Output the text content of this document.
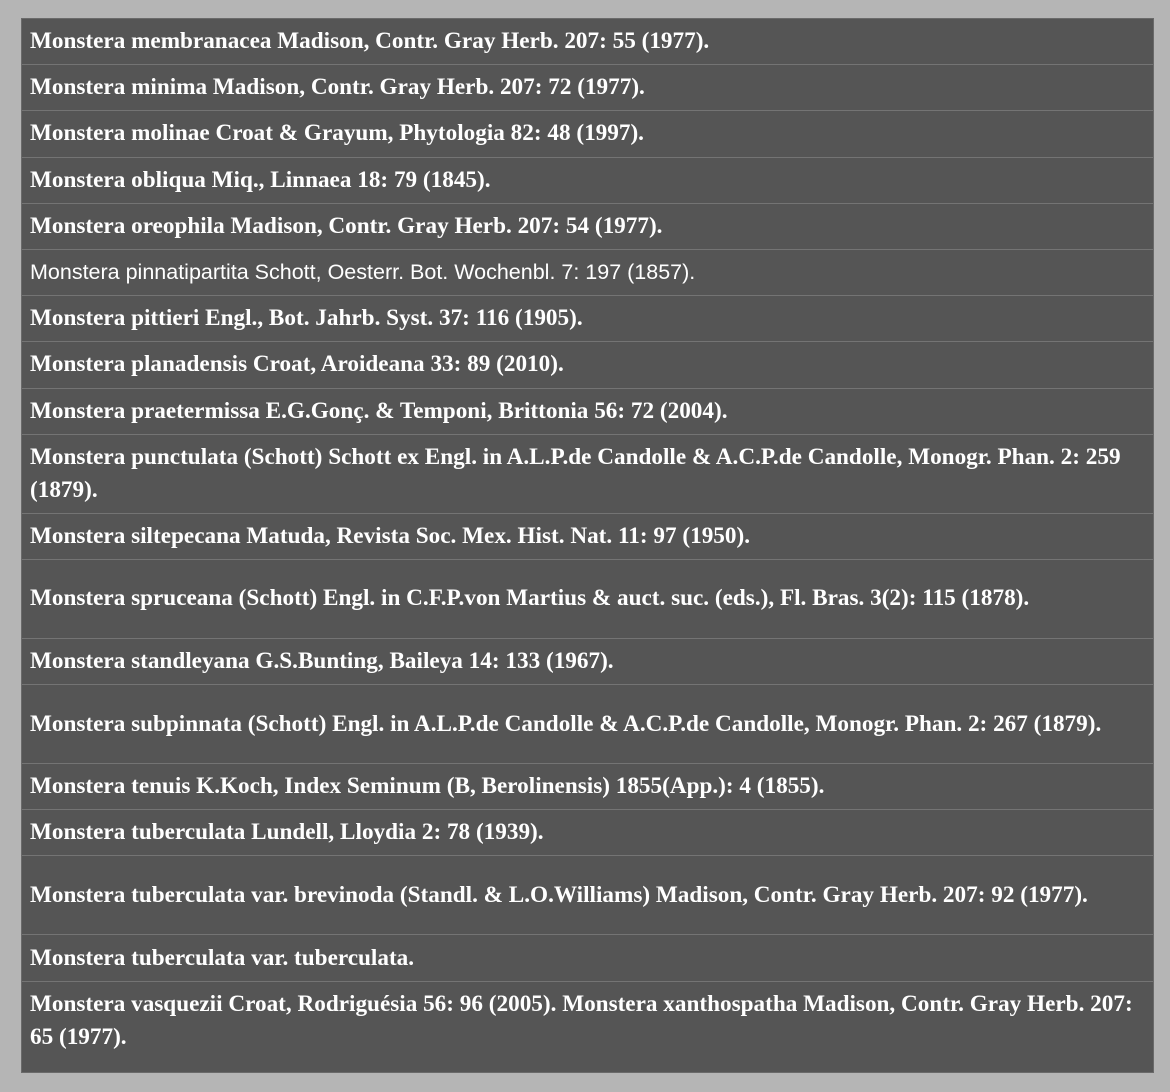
Monstera membranacea Madison, Contr. Gray Herb. 207: 55 (1977).
Monstera minima Madison, Contr. Gray Herb. 207: 72 (1977).
Monstera molinae Croat & Grayum, Phytologia 82: 48 (1997).
Monstera obliqua Miq., Linnaea 18: 79 (1845).
Monstera oreophila Madison, Contr. Gray Herb. 207: 54 (1977).
Monstera pinnatipartita Schott, Oesterr. Bot. Wochenbl. 7: 197 (1857).
Monstera pittieri Engl., Bot. Jahrb. Syst. 37: 116 (1905).
Monstera planadensis Croat, Aroideana 33: 89 (2010).
Monstera praetermissa E.G.Gonç. & Temponi, Brittonia 56: 72 (2004).
Monstera punctulata (Schott) Schott ex Engl. in A.L.P.de Candolle & A.C.P.de Candolle, Monogr. Phan. 2: 259 (1879).
Monstera siltepecana Matuda, Revista Soc. Mex. Hist. Nat. 11: 97 (1950).
Monstera spruceana (Schott) Engl. in C.F.P.von Martius & auct. suc. (eds.), Fl. Bras. 3(2): 115 (1878).
Monstera standleyana G.S.Bunting, Baileya 14: 133 (1967).
Monstera subpinnata (Schott) Engl. in A.L.P.de Candolle & A.C.P.de Candolle, Monogr. Phan. 2: 267 (1879).
Monstera tenuis K.Koch, Index Seminum (B, Berolinensis) 1855(App.): 4 (1855).
Monstera tuberculata Lundell, Lloydia 2: 78 (1939).
Monstera tuberculata var. brevinoda (Standl. & L.O.Williams) Madison, Contr. Gray Herb. 207: 92 (1977).
Monstera tuberculata var. tuberculata.
Monstera vasquezii Croat, Rodriguésia 56: 96 (2005). Monstera xanthospatha Madison, Contr. Gray Herb. 207: 65 (1977).
